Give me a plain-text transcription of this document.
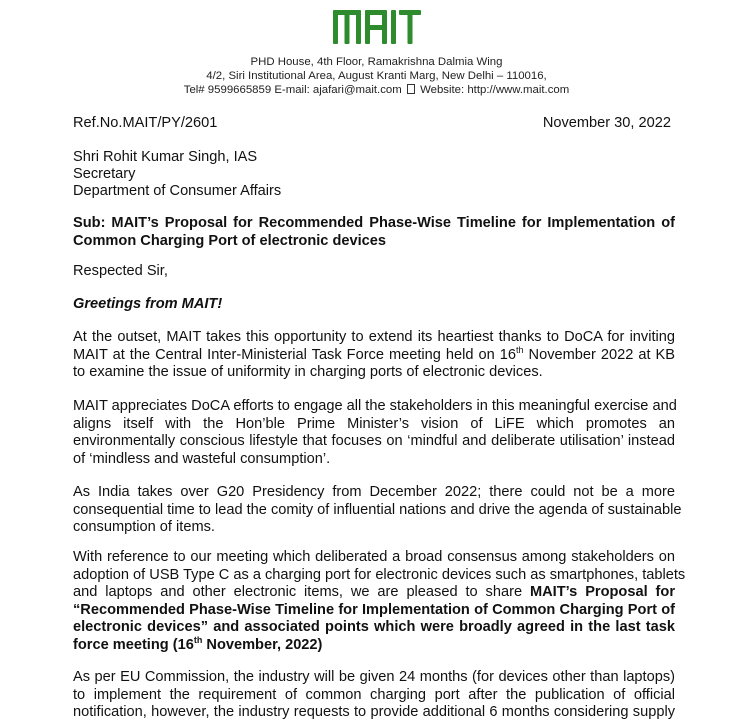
PHD House, 4th Floor, Ramakrishna Dalmia Wing
4/2, Siri Institutional Area, August Kranti Marg, New Delhi – 110016,
Tel# 9599665859 E-mail: ajafari@mait.com Website: http://www.mait.com
Ref.No.MAIT/PY/2601	November 30, 2022
Shri Rohit Kumar Singh, IAS
Secretary
Department of Consumer Affairs
Sub: MAIT’s Proposal for Recommended Phase-Wise Timeline for Implementation of
Common Charging Port of electronic devices
Respected Sir,
Greetings from MAIT!
At the outset, MAIT takes this opportunity to extend its heartiest thanks to DoCA for inviting
MAIT at the Central Inter-Ministerial Task Force meeting held on 16th November 2022 at KB
to examine the issue of uniformity in charging ports of electronic devices.
MAIT appreciates DoCA efforts to engage all the stakeholders in this meaningful exercise and
aligns itself with the Hon’ble Prime Minister’s vision of LiFE which promotes an
environmentally conscious lifestyle that focuses on ‘mindful and deliberate utilisation’ instead
of ‘mindless and wasteful consumption’.
As India takes over G20 Presidency from December 2022; there could not be a more
consequential time to lead the comity of influential nations and drive the agenda of sustainable
consumption of items.
With reference to our meeting which deliberated a broad consensus among stakeholders on
adoption of USB Type C as a charging port for electronic devices such as smartphones, tablets
and laptops and other electronic items, we are pleased to share MAIT’s Proposal for
“Recommended Phase-Wise Timeline for Implementation of Common Charging Port of
electronic devices” and associated points which were broadly agreed in the last task
force meeting (16th November, 2022)
As per EU Commission, the industry will be given 24 months (for devices other than laptops)
to implement the requirement of common charging port after the publication of official
notification, however, the industry requests to provide additional 6 months considering supply
